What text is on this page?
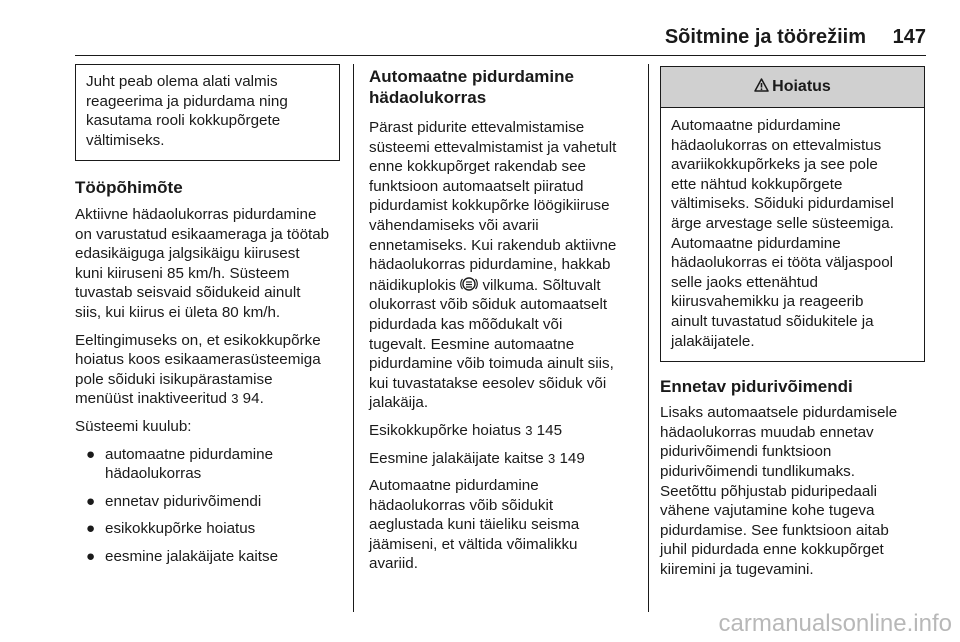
Sõitmine ja töörežiim 147
Juht peab olema alati valmis
reageerima ja pidurdama ning
kasutama rooli kokkupõrgete
vältimiseks.
Tööpõhimõte

Aktiivne hädaolukorras pidurdamine
on varustatud esikaameraga ja töötab
edasikäiguga jalgsikäigu kiirusest
kuni kiiruseni 85 km/h. Süsteem
tuvastab seisvaid sõidukeid ainult
siis, kui kiirus ei ületa 80 km/h.

Eeltingimuseks on, et esikokkupõrke
hoiatus koos esikaamerasüsteemiga
pole sõiduki isikupärastamise
menüüst inaktiveeritud 3 94.

Süsteemi kuulub:

● automaatne pidurdamine
hädaolukorras
● ennetav pidurivõimendi
● esikokkupõrke hoiatus
● eesmine jalakäijate kaitse
Automaatne pidurdamine
hädaolukorras

Pärast pidurite ettevalmistamise
süsteemi ettevalmistamist ja vahetult
enne kokkupõrget rakendab see
funktsioon automaatselt piiratud
pidurdamist kokkupõrke löögikiiruse
vähendamiseks või avarii
ennetamiseks. Kui rakendub aktiivne
hädaolukorras pidurdamine, hakkab
näidikuplokis vilkuma. Sõltuvalt
olukorrast võib sõiduk automaatselt
pidurdada kas mõõdukalt või
tugevalt. Eesmine automaatne
pidurdamine võib toimuda ainult siis,
kui tuvastatakse eesolev sõiduk või
jalakäija.

Esikokkupõrke hoiatus 3 145

Eesmine jalakäijate kaitse 3 149

Automaatne pidurdamine
hädaolukorras võib sõidukit
aeglustada kuni täieliku seisma
jäämiseni, et vältida võimalikku
avariid.

Hoiatus
Automaatne pidurdamine
hädaolukorras on ettevalmistus
avariikokkupõrkeks ja see pole
ette nähtud kokkupõrgete
vältimiseks. Sõiduki pidurdamisel
ärge arvestage selle süsteemiga.
Automaatne pidurdamine
hädaolukorras ei tööta väljaspool
selle jaoks ettenähtud
kiirusvahemikku ja reageerib
ainult tuvastatud sõidukitele ja
jalakäijatele.
Ennetav pidurivõimendi

Lisaks automaatsele pidurdamisele
hädaolukorras muudab ennetav
pidurivõimendi funktsioon
pidurivõimendi tundlikumaks.
Seetõttu põhjustab piduripedaali
vähene vajutamine kohe tugeva
pidurdamise. See funktsioon aitab
juhil pidurdada enne kokkupõrget
kiiremini ja tugevamini.

carmanualsonline.info
